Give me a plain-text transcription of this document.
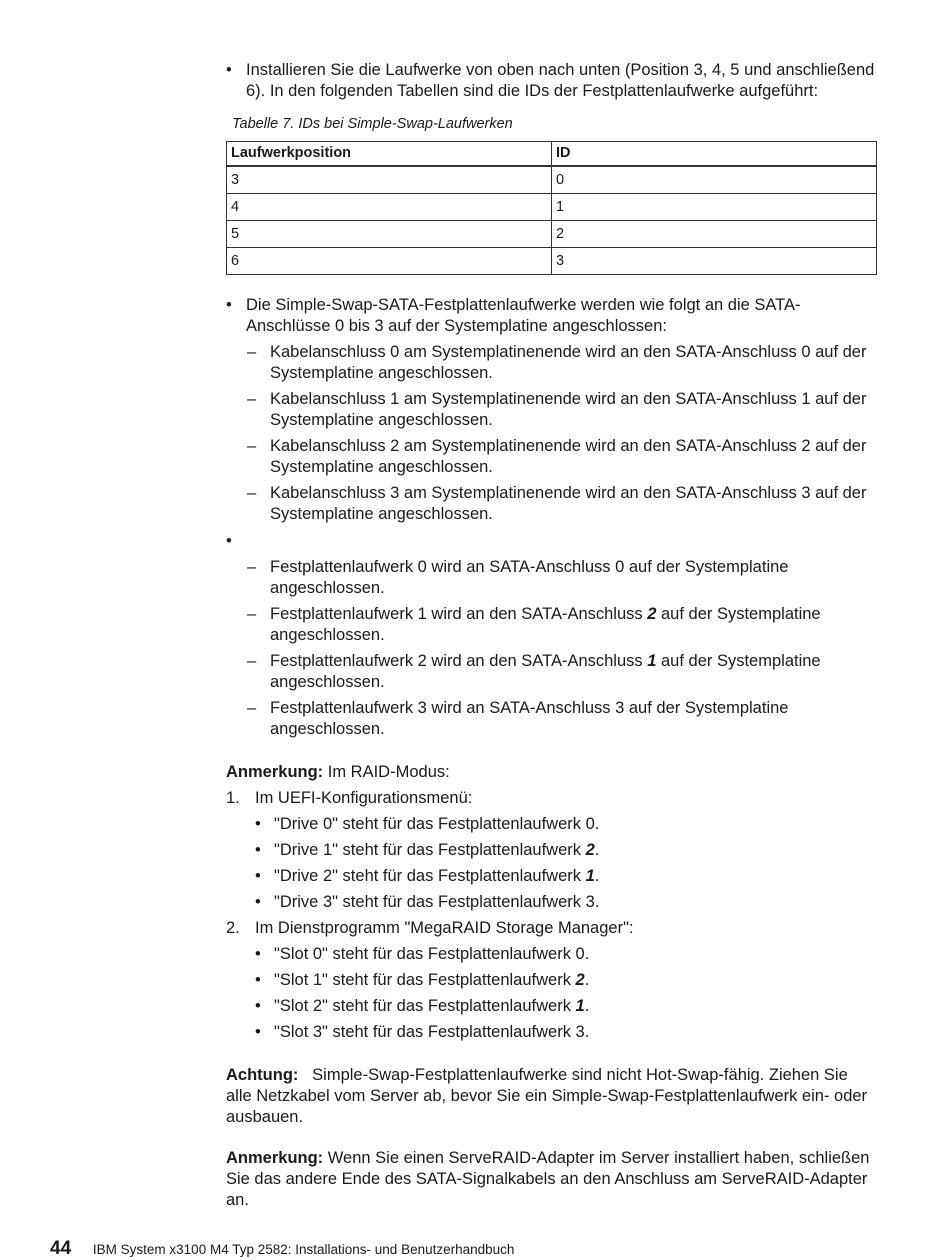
• Installieren Sie die Laufwerke von oben nach unten (Position 3, 4, 5 und anschließend 6). In den folgenden Tabellen sind die IDs der Festplattenlaufwerke aufgeführt:
Tabelle 7. IDs bei Simple-Swap-Laufwerken
Laufwerkposition	ID
3	0
4	1
5	2
6	3
• Die Simple-Swap-SATA-Festplattenlaufwerke werden wie folgt an die SATA-Anschlüsse 0 bis 3 auf der Systemplatine angeschlossen:
– Kabelanschluss 0 am Systemplatinenende wird an den SATA-Anschluss 0 auf der Systemplatine angeschlossen.
– Kabelanschluss 1 am Systemplatinenende wird an den SATA-Anschluss 1 auf der Systemplatine angeschlossen.
– Kabelanschluss 2 am Systemplatinenende wird an den SATA-Anschluss 2 auf der Systemplatine angeschlossen.
– Kabelanschluss 3 am Systemplatinenende wird an den SATA-Anschluss 3 auf der Systemplatine angeschlossen.
•
– Festplattenlaufwerk 0 wird an SATA-Anschluss 0 auf der Systemplatine angeschlossen.
– Festplattenlaufwerk 1 wird an den SATA-Anschluss 2 auf der Systemplatine angeschlossen.
– Festplattenlaufwerk 2 wird an den SATA-Anschluss 1 auf der Systemplatine angeschlossen.
– Festplattenlaufwerk 3 wird an SATA-Anschluss 3 auf der Systemplatine angeschlossen.
Anmerkung: Im RAID-Modus:
1. Im UEFI-Konfigurationsmenü:
• "Drive 0" steht für das Festplattenlaufwerk 0.
• "Drive 1" steht für das Festplattenlaufwerk 2.
• "Drive 2" steht für das Festplattenlaufwerk 1.
• "Drive 3" steht für das Festplattenlaufwerk 3.
2. Im Dienstprogramm "MegaRAID Storage Manager":
• "Slot 0" steht für das Festplattenlaufwerk 0.
• "Slot 1" steht für das Festplattenlaufwerk 2.
• "Slot 2" steht für das Festplattenlaufwerk 1.
• "Slot 3" steht für das Festplattenlaufwerk 3.
Achtung: Simple-Swap-Festplattenlaufwerke sind nicht Hot-Swap-fähig. Ziehen Sie alle Netzkabel vom Server ab, bevor Sie ein Simple-Swap-Festplattenlaufwerk ein- oder ausbauen.
Anmerkung: Wenn Sie einen ServeRAID-Adapter im Server installiert haben, schließen Sie das andere Ende des SATA-Signalkabels an den Anschluss am ServeRAID-Adapter an.
44 IBM System x3100 M4 Typ 2582: Installations- und Benutzerhandbuch
